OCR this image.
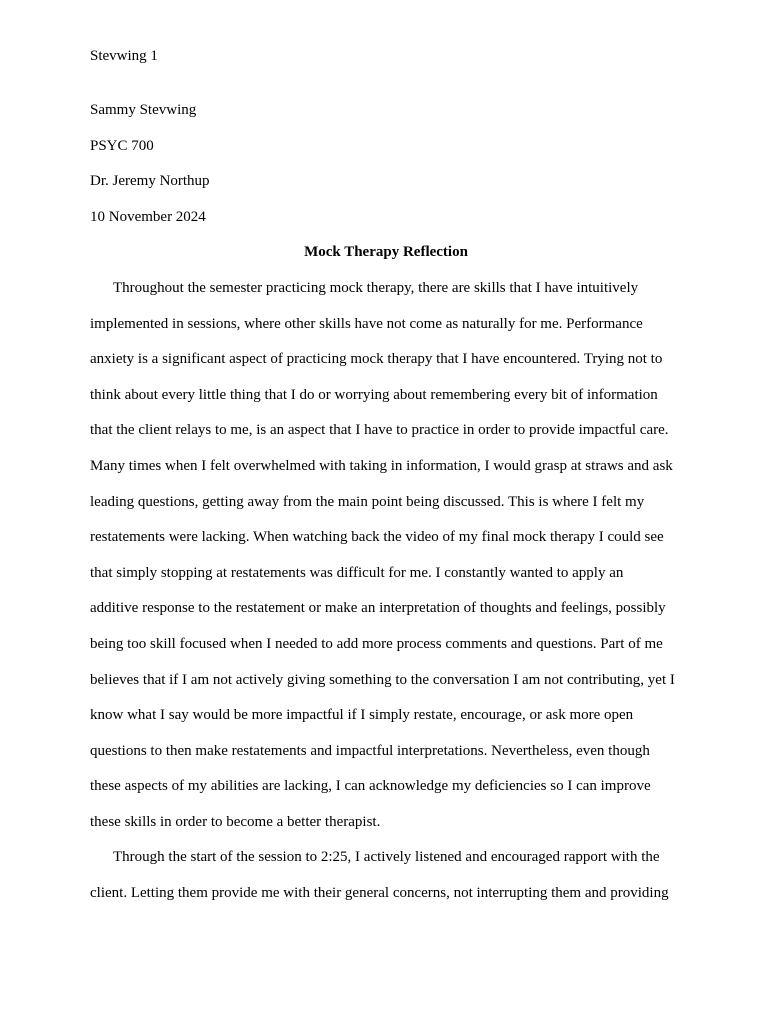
Stevwing 1
Sammy Stevwing
PSYC 700
Dr. Jeremy Northup
10 November 2024
Mock Therapy Reflection

Throughout the semester practicing mock therapy, there are skills that I have intuitively
implemented in sessions, where other skills have not come as naturally for me. Performance
anxiety is a significant aspect of practicing mock therapy that I have encountered. Trying not to
think about every little thing that I do or worrying about remembering every bit of information
that the client relays to me, is an aspect that I have to practice in order to provide impactful care.
Many times when I felt overwhelmed with taking in information, I would grasp at straws and ask
leading questions, getting away from the main point being discussed. This is where I felt my
restatements were lacking. When watching back the video of my final mock therapy I could see
that simply stopping at restatements was difficult for me. I constantly wanted to apply an
additive response to the restatement or make an interpretation of thoughts and feelings, possibly
being too skill focused when I needed to add more process comments and questions. Part of me
believes that if I am not actively giving something to the conversation I am not contributing, yet I
know what I say would be more impactful if I simply restate, encourage, or ask more open
questions to then make restatements and impactful interpretations. Nevertheless, even though
these aspects of my abilities are lacking, I can acknowledge my deficiencies so I can improve
these skills in order to become a better therapist.

Through the start of the session to 2:25, I actively listened and encouraged rapport with the
client. Letting them provide me with their general concerns, not interrupting them and providing
